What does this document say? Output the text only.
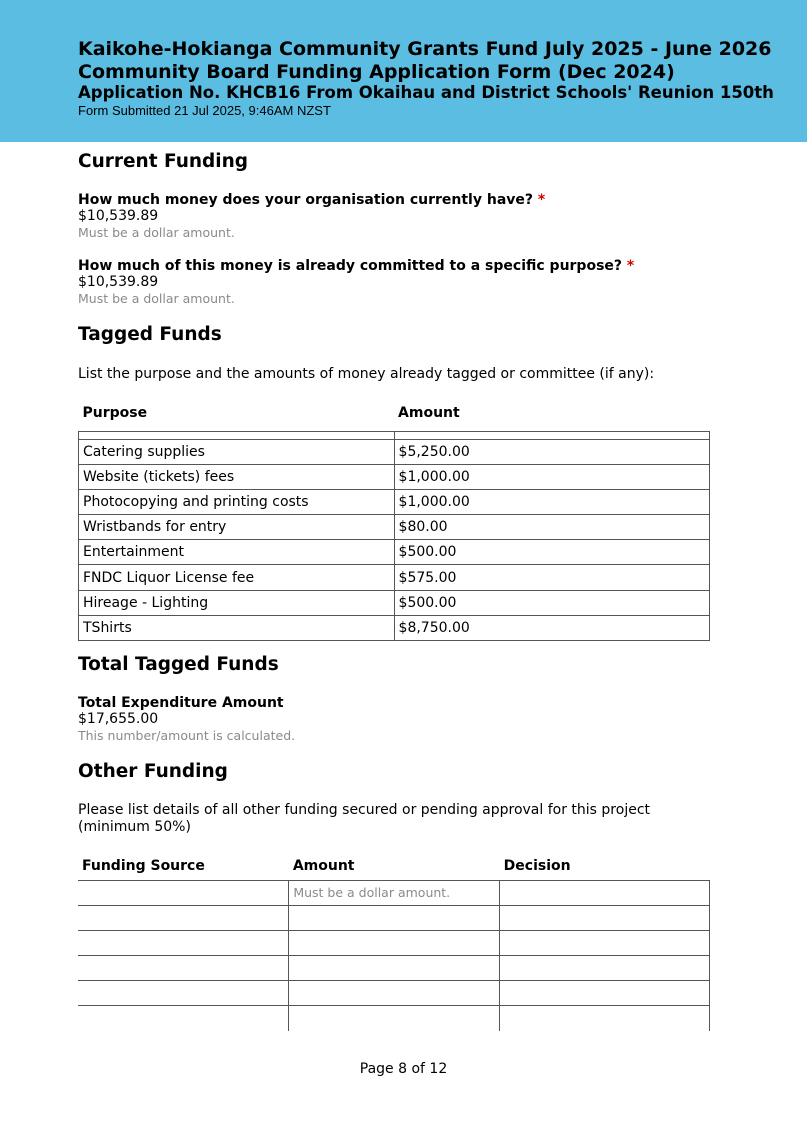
Kaikohe-Hokianga Community Grants Fund July 2025 - June 2026
Community Board Funding Application Form (Dec 2024)
Application No. KHCB16 From Okaihau and District Schools' Reunion 150th
Form Submitted 21 Jul 2025, 9:46AM NZST
Current Funding
How much money does your organisation currently have? *
$10,539.89
Must be a dollar amount.
How much of this money is already committed to a specific purpose? *
$10,539.89
Must be a dollar amount.
Tagged Funds
List the purpose and the amounts of money already tagged or committee (if any):
Purpose	Amount

Catering supplies	$5,250.00
Website (tickets) fees	$1,000.00
Photocopying and printing costs	$1,000.00
Wristbands for entry	$80.00
Entertainment	$500.00
FNDC Liquor License fee	$575.00
Hireage - Lighting	$500.00
TShirts	$8,750.00
Total Tagged Funds
Total Expenditure Amount
$17,655.00
This number/amount is calculated.
Other Funding
Please list details of all other funding secured or pending approval for this project (minimum 50%)
Funding Source	Amount	Decision
	Must be a dollar amount.	

Page 8 of 12
